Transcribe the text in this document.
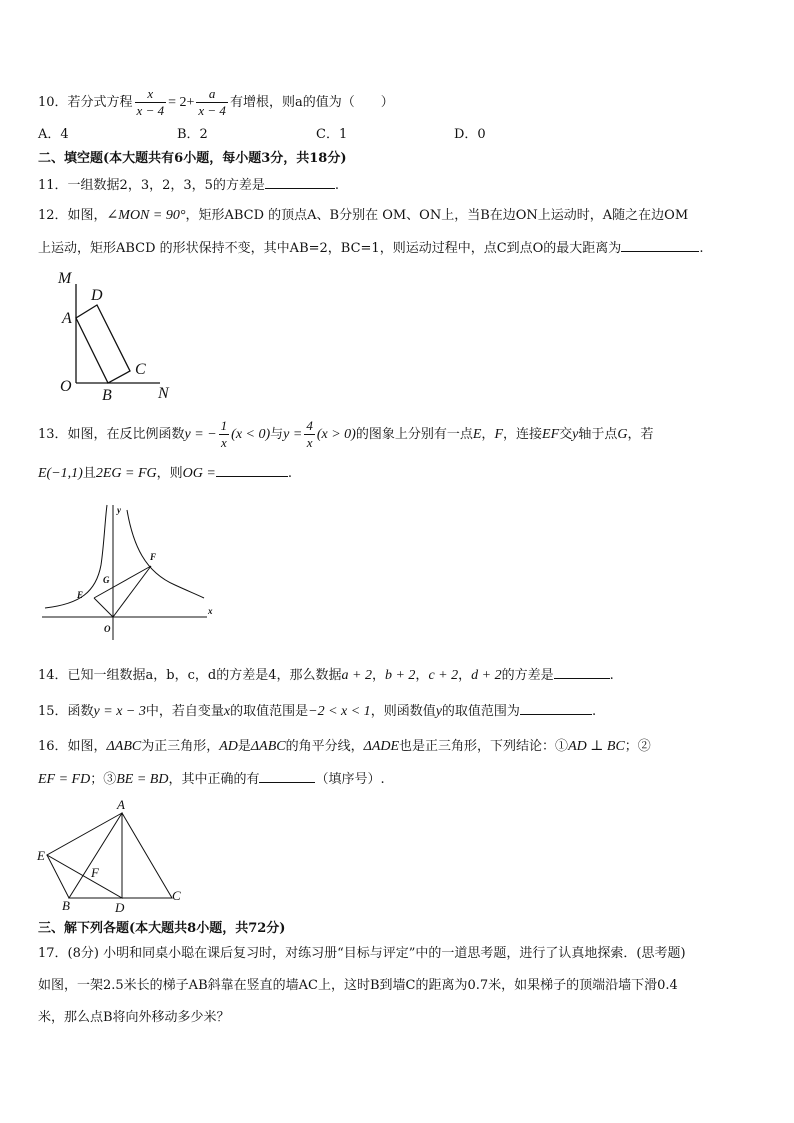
10．若分式方程 $\frac{x}{x - 4} = 2+ \frac{a}{x - 4}$ 有增根，则a的值为（　　）
A．4	B．2	C．1	D．0
二、填空题(本大题共有6小题，每小题3分，共18分)
11．一组数据2，3，2，3，5的方差是	.
12．如图，∠MON = 90°，矩形ABCD 的顶点A、B分别在 OM、ON上，当B在边ON上运动时，A随之在边OM
上运动，矩形ABCD 的形状保持不变，其中AB=2，BC=1，则运动过程中，点C到点O的最大距离为	.
M
D
A
C
O
B	N
13．如图，在反比例函数y = − $\frac{1}{x} (x < 0)$与$y = \frac{4}{x} (x > 0)$的图象上分别有一点E，F，连接EF交y轴于点G，若
E(−1,1)且2EG = FG，则OG =	.
y
F
G
E
x
O
14．已知一组数据a，b，c，d的方差是4，那么数据a + 2，b + 2，c + 2，d + 2的方差是	.
15．函数y = x − 3中，若自变量x的取值范围是−2 < x < 1，则函数值y的取值范围为	.
16．如图，ΔABC为正三角形，AD是ΔABC的角平分线，ΔADE也是正三角形，下列结论：①AD ⊥ BC；②
EF = FD；③BE = BD，其中正确的有	（填序号）.
A
E
F
B	D
C
三、解下列各题(本大题共8小题，共72分)
17．(8分) 小明和同桌小聪在课后复习时，对练习册“目标与评定”中的一道思考题，进行了认真地探索．(思考题)
如图，一架2.5米长的梯子AB斜靠在竖直的墙AC上，这时B到墙C的距离为0.7米，如果梯子的顶端沿墙下滑0.4
米，那么点B将向外移动多少米？
